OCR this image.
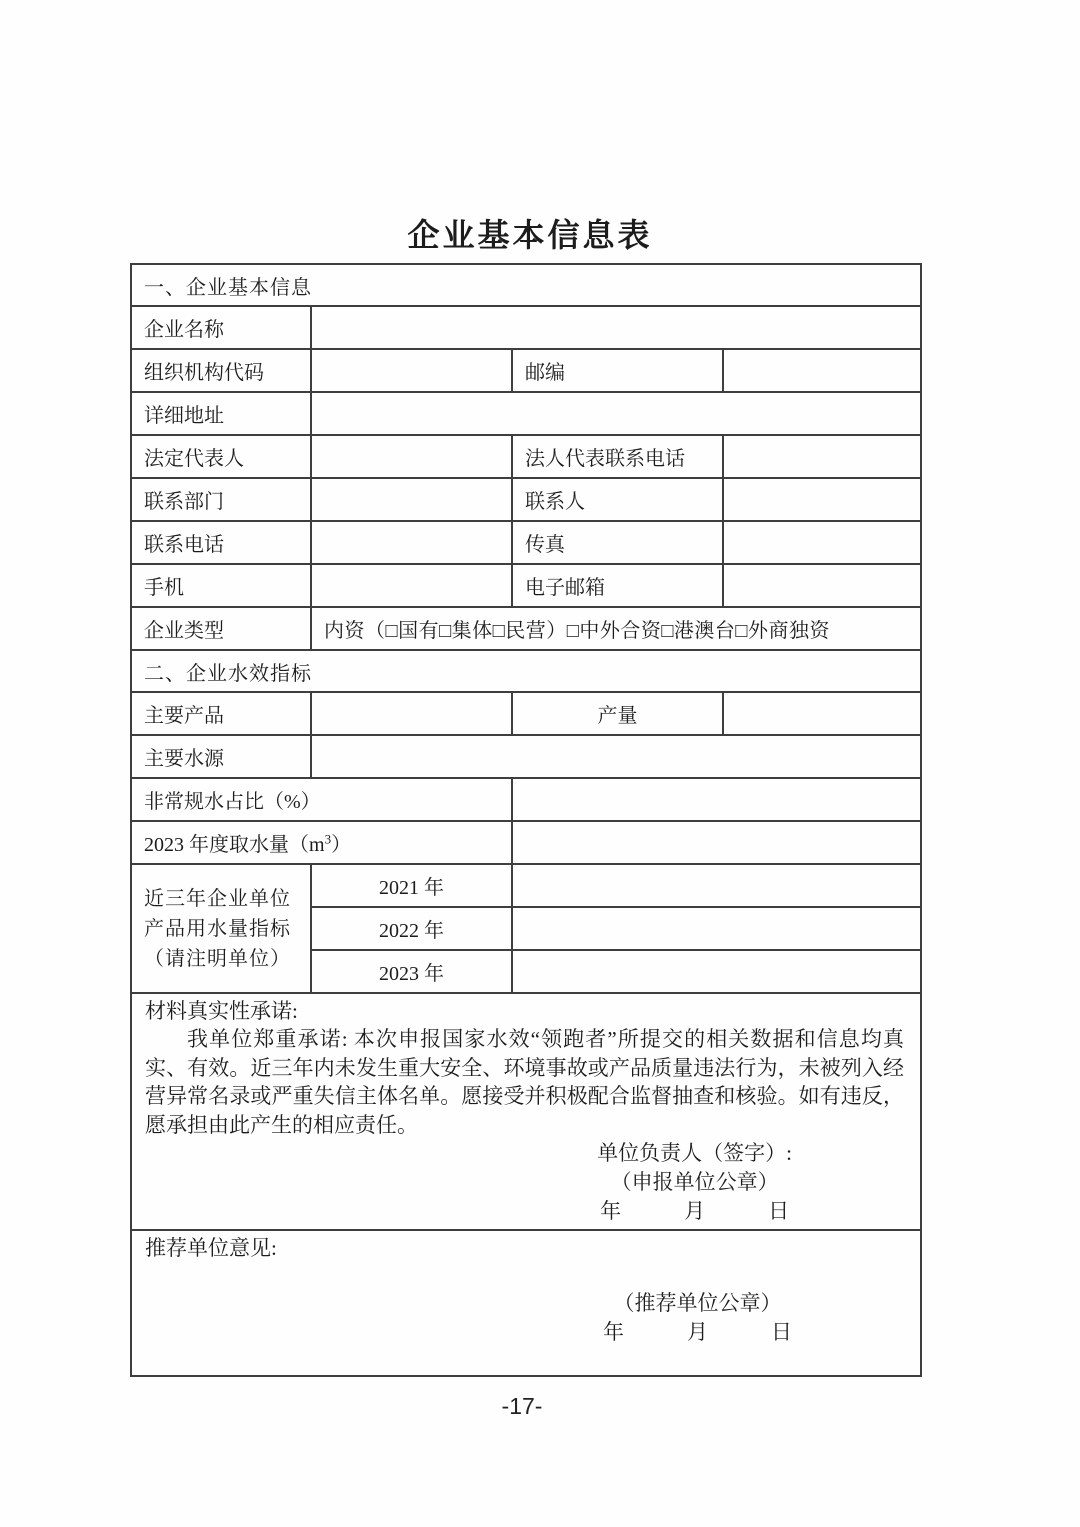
企业基本信息表
一、企业基本信息			
企业名称			
组织机构代码		邮编	
详细地址			
法定代表人		法人代表联系电话	
联系部门		联系人	
联系电话		传真	
手机		电子邮箱	
企业类型	内资（□国有□集体□民营）□中外合资□港澳台□外商独资		
二、企业水效指标			
主要产品		产量	
主要水源			
非常规水占比（%）			
2023 年度取水量$(m^3)$			

近三年企业单位
产品用水量指标
（请注明单位）	2021 年		
	2022 年		
	2023 年		

材料真实性承诺:
我单位郑重承诺: 本次申报国家水效“领跑者”所提交的相关数据和信息均真实、有效。近三年内未发生重大安全、环境事故或产品质量违法行为，未被列入经营异常名录或严重失信主体名单。愿接受并积极配合监督抽查和核验。如有违反，愿承担由此产生的相应责任。
单位负责人（签字）:
（申报单位公章）
年　　　月　　　日			

推荐单位意见:
（推荐单位公章）
年　　　月　　　日			
-17-
